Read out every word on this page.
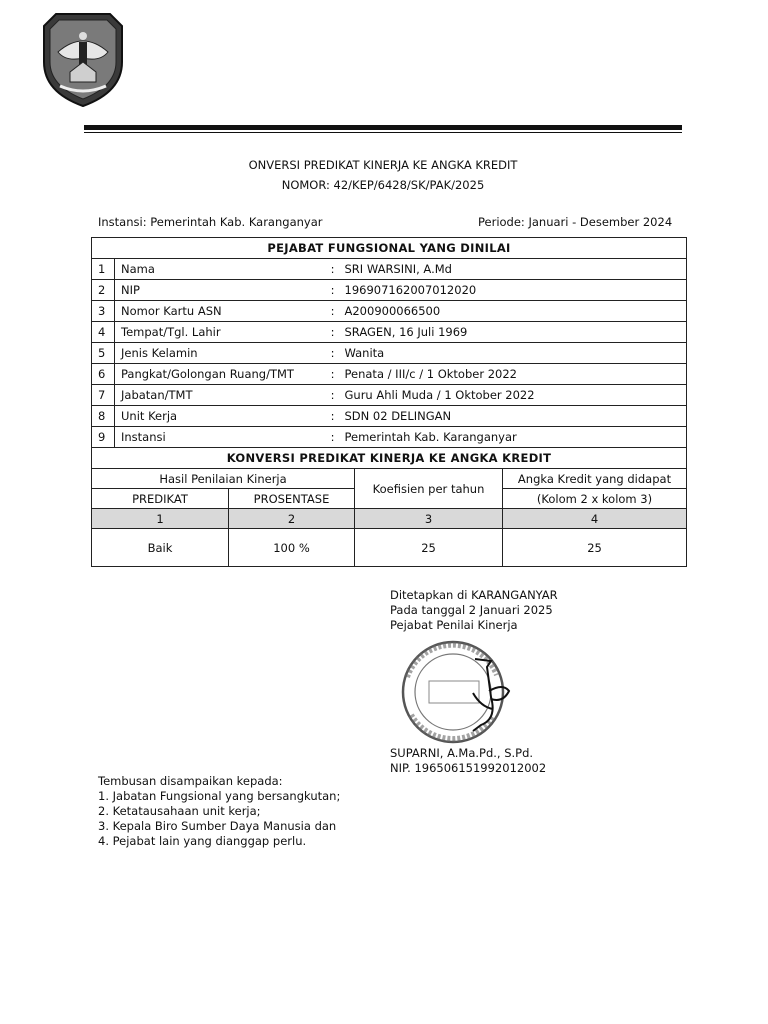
ONVERSI PREDIKAT KINERJA KE ANGKA KREDIT
NOMOR: 42/KEP/6428/SK/PAK/2025
Instansi: Pemerintah Kab. Karanganyar	Periode: Januari - Desember 2024
PEJABAT FUNGSIONAL YANG DINILAI			
1	Nama	:	SRI WARSINI, A.Md
2	NIP	:	196907162007012020
3	Nomor Kartu ASN	:	A200900066500
4	Tempat/Tgl. Lahir	:	SRAGEN, 16 Juli 1969
5	Jenis Kelamin	:	Wanita
6	Pangkat/Golongan Ruang/TMT	:	Penata / III/c / 1 Oktober 2022
7	Jabatan/TMT	:	Guru Ahli Muda / 1 Oktober 2022
8	Unit Kerja	:	SDN 02 DELINGAN
9	Instansi	:	Pemerintah Kab. Karanganyar
KONVERSI PREDIKAT KINERJA KE ANGKA KREDIT			
Hasil Penilaian Kinerja		Koefisien per tahun	Angka Kredit yang didapat
PREDIKAT	PROSENTASE		(Kolom 2 x kolom 3)
1	2	3	4
Baik	100 %	25	25
Ditetapkan di KARANGANYAR
Pada tanggal 2 Januari 2025
Pejabat Penilai Kinerja
SUPARNI, A.Ma.Pd., S.Pd.
NIP. 196506151992012002
Tembusan disampaikan kepada:
1. Jabatan Fungsional yang bersangkutan;
2. Ketatausahaan unit kerja;
3. Kepala Biro Sumber Daya Manusia dan
4. Pejabat lain yang dianggap perlu.
